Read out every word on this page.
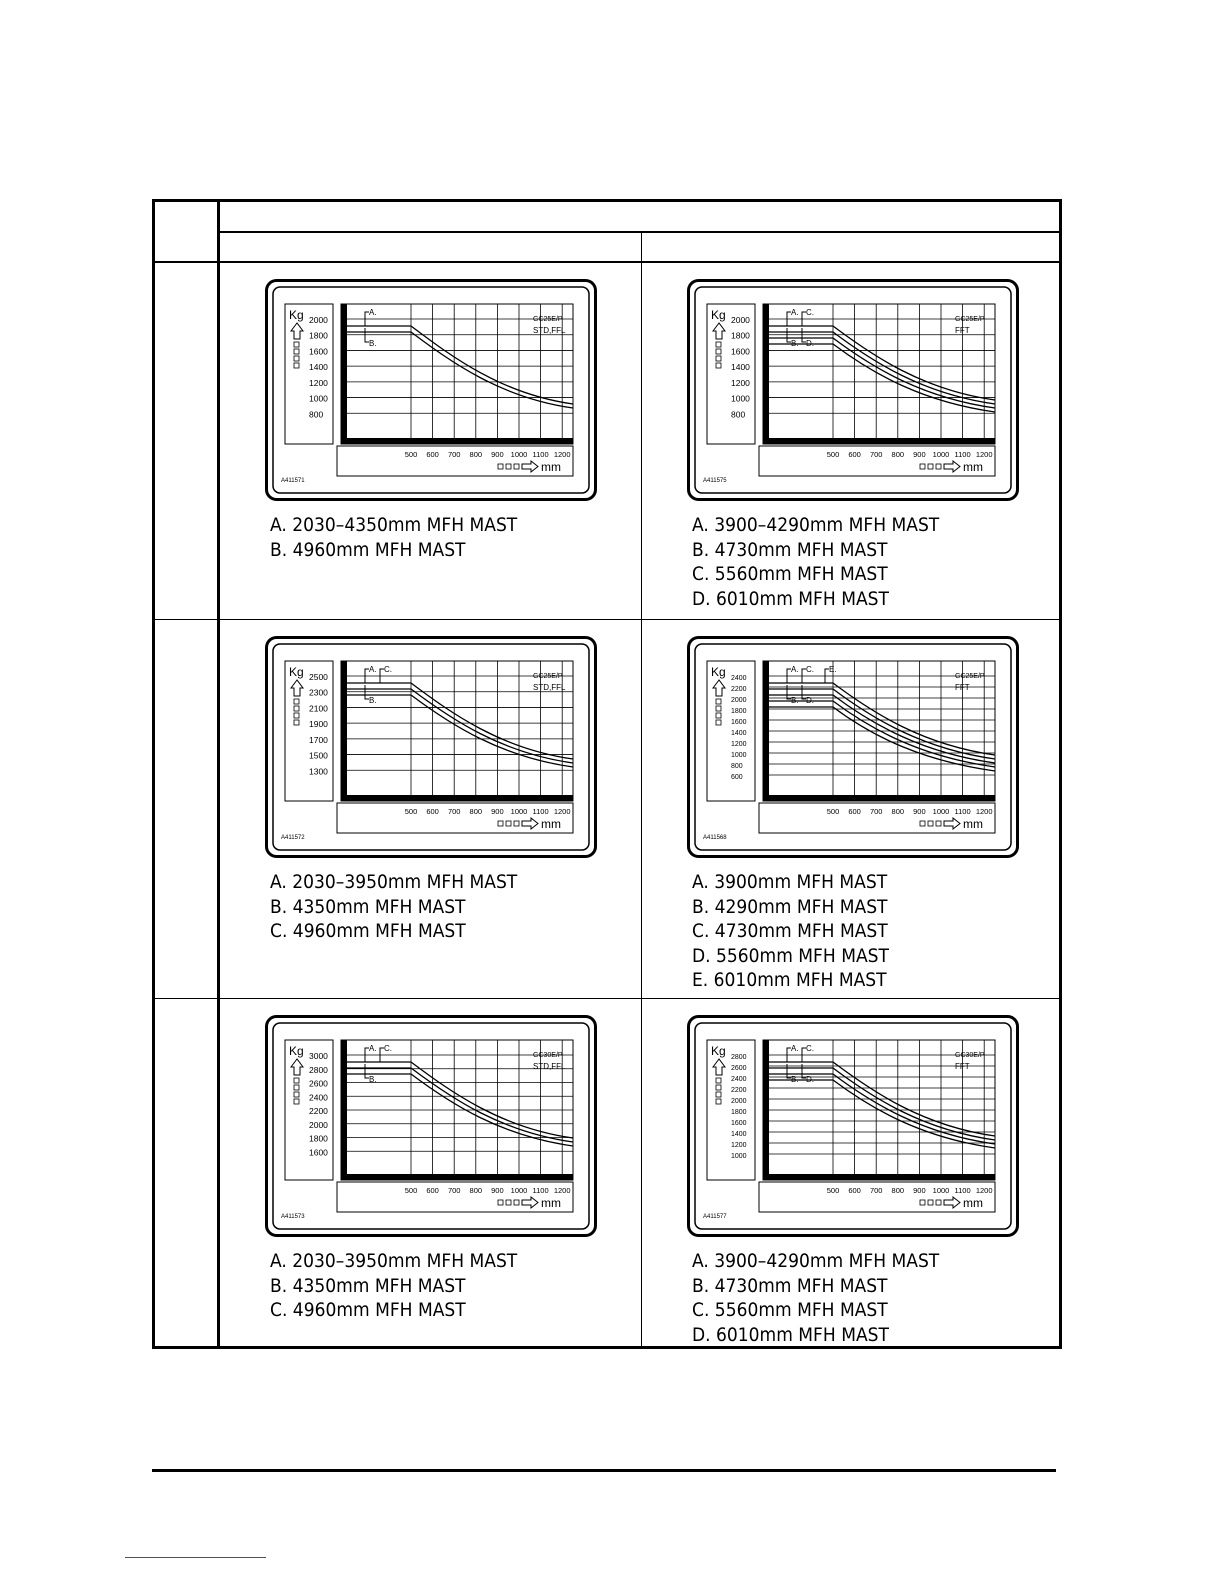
2000
1800
1600
1400
1200
1000
800
Kg
500 600 700 800 900 1000 1100 1200
mm
GC25E/P
STD,FFL
A411571
A.
B.
A. 2030–4350mm MFH MAST
B. 4960mm MFH MAST
2000
1800
1600
1400
1200
1000
800
Kg
500 600 700 800 900 1000 1100 1200
mm
GC25E/P
FFT
A411575
A.
B.
C.
D.
A. 3900–4290mm MFH MAST
B. 4730mm MFH MAST
C. 5560mm MFH MAST
D. 6010mm MFH MAST
2500
2300
2100
1900
1700
1500
1300
Kg
500 600 700 800 900 1000 1100 1200
mm
GC25E/P
STD,FFL
A411572
A.
B.
C.
A. 2030–3950mm MFH MAST
B. 4350mm MFH MAST
C. 4960mm MFH MAST
2400
2200
2000
1800
1600
1400
1200
1000
800
600
Kg
500 600 700 800 900 1000 1100 1200
mm
GC25E/P
FFT
A411568
A.
B.
C.
D.
E.
A. 3900mm MFH MAST
B. 4290mm MFH MAST
C. 4730mm MFH MAST
D. 5560mm MFH MAST
E. 6010mm MFH MAST
3000
2800
2600
2400
2200
2000
1800
1600
Kg
500 600 700 800 900 1000 1100 1200
mm
GC30E/P
STD,FFL
A411573
A.
B.
C.
A. 2030–3950mm MFH MAST
B. 4350mm MFH MAST
C. 4960mm MFH MAST
2800
2600
2400
2200
2000
1800
1600
1400
1200
1000
Kg
500 600 700 800 900 1000 1100 1200
mm
GC30E/P
FFT
A411577
A.
B.
C.
D.
A. 3900–4290mm MFH MAST
B. 4730mm MFH MAST
C. 5560mm MFH MAST
D. 6010mm MFH MAST
